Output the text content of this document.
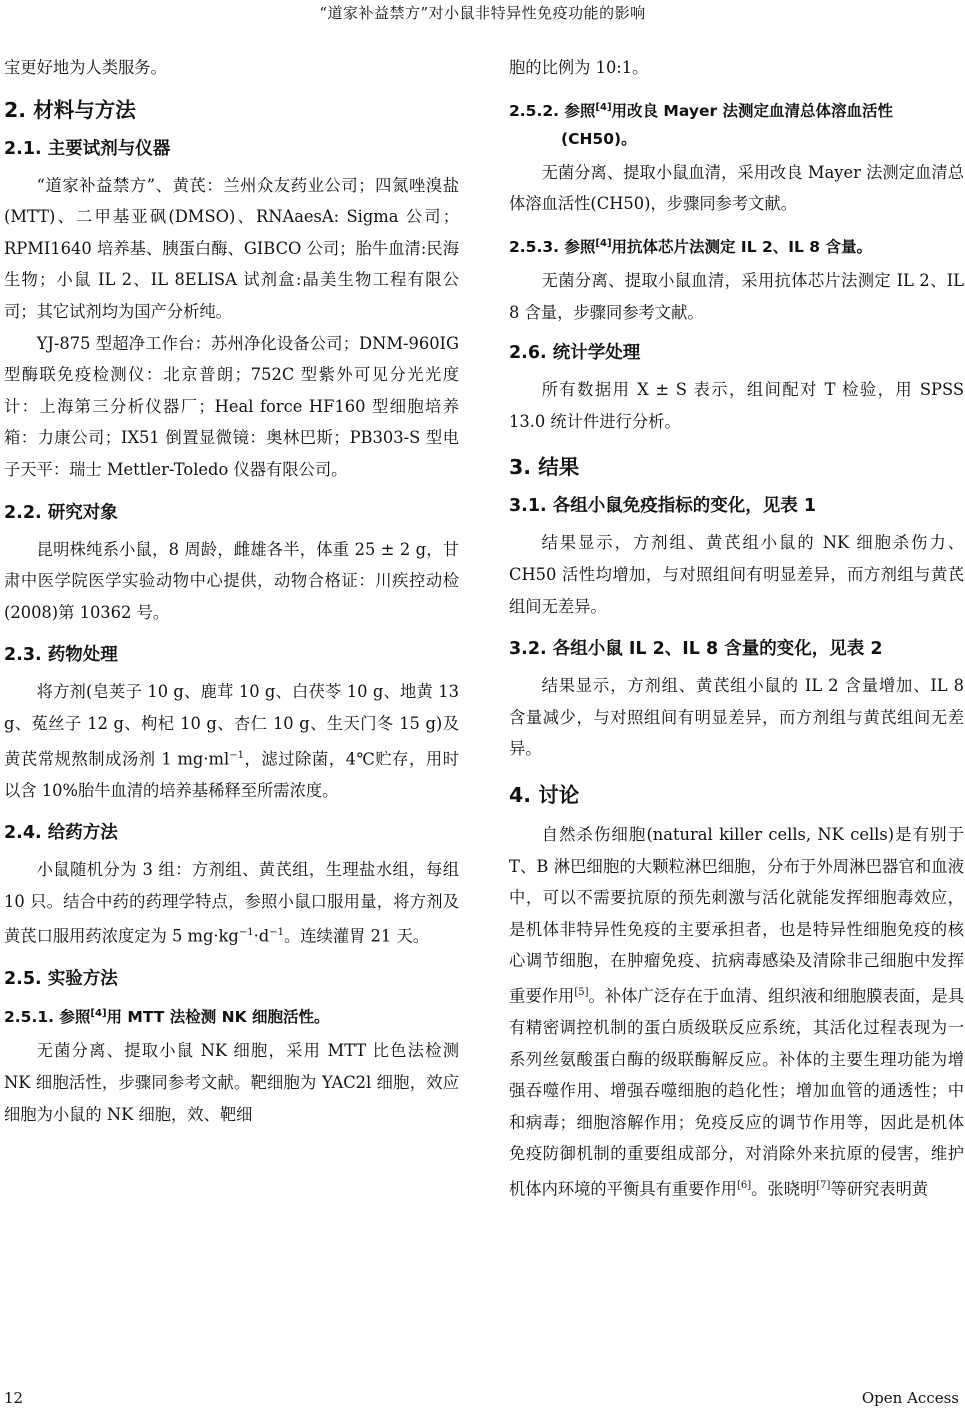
“道家补益禁方”对小鼠非特异性免疫功能的影响

宝更好地为人类服务。

2. 材料与方法
2.1. 主要试剂与仪器

“道家补益禁方”、黄芪：兰州众友药业公司；四氮唑溴盐(MTT)、二甲基亚砜(DMSO)、RNAaesA: Sigma 公司；RPMI1640 培养基、胰蛋白酶、GIBCO 公司；胎牛血清:民海生物；小鼠 IL 2、IL 8ELISA 试剂盒:晶美生物工程有限公司；其它试剂均为国产分析纯。

YJ-875 型超净工作台：苏州净化设备公司；DNM-960IG 型酶联免疫检测仪：北京普朗；752C 型紫外可见分光光度计：上海第三分析仪器厂；Heal force HF160 型细胞培养箱：力康公司；IX51 倒置显微镜：奥林巴斯；PB303-S 型电子天平：瑞士 Mettler-Toledo 仪器有限公司。

2.2. 研究对象

昆明株纯系小鼠，8 周龄，雌雄各半，体重 25 ± 2 g，甘肃中医学院医学实验动物中心提供，动物合格证：川疾控动检(2008)第 10362 号。

2.3. 药物处理

将方剂(皂荚子 10 g、鹿茸 10 g、白茯苓 10 g、地黄 13 g、菟丝子 12 g、枸杞 10 g、杏仁 10 g、生天门冬 15 g)及黄芪常规熬制成汤剂 1 $mg\cdot ml^{-1}$，滤过除菌，4℃贮存，用时以含 10%胎牛血清的培养基稀释至所需浓度。

2.4. 给药方法

小鼠随机分为 3 组：方剂组、黄芪组，生理盐水组，每组 10 只。结合中药的药理学特点，参照小鼠口服用量，将方剂及黄芪口服用药浓度定为 5 $mg\cdot kg^{-1}\cdot d^{-1}$。连续灌胃 21 天。

2.5. 实验方法
2.5.1. 参照[4]用 MTT 法检测 NK 细胞活性。

无菌分离、提取小鼠 NK 细胞，采用 MTT 比色法检测 NK 细胞活性，步骤同参考文献。靶细胞为 YAC2l 细胞，效应细胞为小鼠的 NK 细胞，效、靶细

胞的比例为 10:1。

2.5.2. 参照[4]用改良 Mayer 法测定血清总体溶血活性
(CH50)。

无菌分离、提取小鼠血清，采用改良 Mayer 法测定血清总体溶血活性(CH50)，步骤同参考文献。

2.5.3. 参照[4]用抗体芯片法测定 IL 2、IL 8 含量。

无菌分离、提取小鼠血清，采用抗体芯片法测定 IL 2、IL 8 含量，步骤同参考文献。

2.6. 统计学处理

所有数据用 X ± S 表示，组间配对 T 检验，用 SPSS 13.0 统计件进行分析。

3. 结果
3.1. 各组小鼠免疫指标的变化，见表 1

结果显示，方剂组、黄芪组小鼠的 NK 细胞杀伤力、CH50 活性均增加，与对照组间有明显差异，而方剂组与黄芪组间无差异。

3.2. 各组小鼠 IL 2、IL 8 含量的变化，见表 2

结果显示，方剂组、黄芪组小鼠的 IL 2 含量增加、IL 8 含量减少，与对照组间有明显差异，而方剂组与黄芪组间无差异。

4. 讨论

自然杀伤细胞(natural killer cells, NK cells)是有别于 T、B 淋巴细胞的大颗粒淋巴细胞，分布于外周淋巴器官和血液中，可以不需要抗原的预先刺激与活化就能发挥细胞毒效应，是机体非特异性免疫的主要承担者，也是特异性细胞免疫的核心调节细胞，在肿瘤免疫、抗病毒感染及清除非己细胞中发挥重要作用[5]。补体广泛存在于血清、组织液和细胞膜表面，是具有精密调控机制的蛋白质级联反应系统，其活化过程表现为一系列丝氨酸蛋白酶的级联酶解反应。补体的主要生理功能为增强吞噬作用、增强吞噬细胞的趋化性；增加血管的通透性；中和病毒；细胞溶解作用；免疫反应的调节作用等，因此是机体免疫防御机制的重要组成部分，对消除外来抗原的侵害，维护机体内环境的平衡具有重要作用[6]。张晓明[7]等研究表明黄

12	Open Access
